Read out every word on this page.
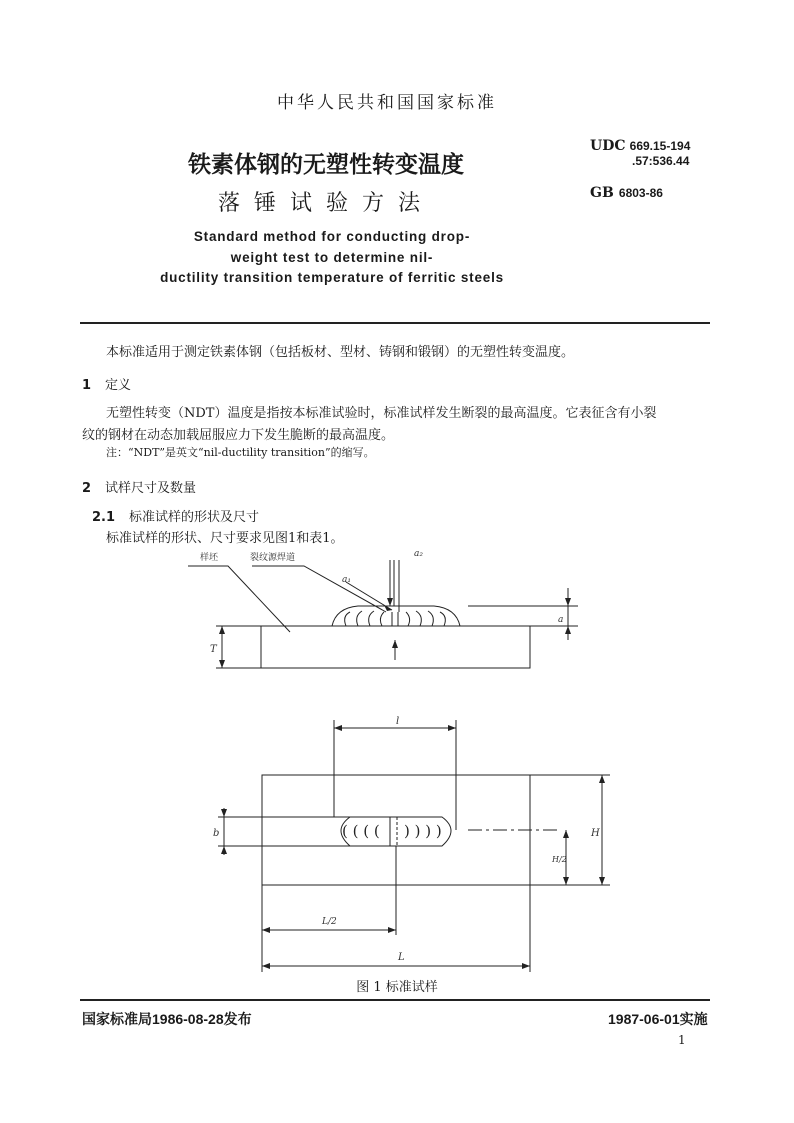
中华人民共和国国家标准
铁素体钢的无塑性转变温度
落锤试验方法
Standard method for conducting drop-
weight test to determine nil-
ductility transition temperature of ferritic steels
UDC 669.15-194
.57:536.44
GB 6803-86
本标准适用于测定铁素体钢（包括板材、型材、铸钢和锻钢）的无塑性转变温度。
1 定义
无塑性转变（NDT）温度是指按本标准试验时，标准试样发生断裂的最高温度。它表征含有小裂
纹的钢材在动态加载屈服应力下发生脆断的最高温度。
注：“NDT”是英文“nil-ductility transition”的缩写。
2 试样尺寸及数量
2.1 标准试样的形状及尺寸
标准试样的形状、尺寸要求见图1和表1。
( ( ( ( ) ) ) )
样坯	裂纹源焊道
a₁
a₂
a
T
l
b	H
H/2
L/2
L
图 1 标准试样
国家标准局1986-08-28发布	1987-06-01实施
1
